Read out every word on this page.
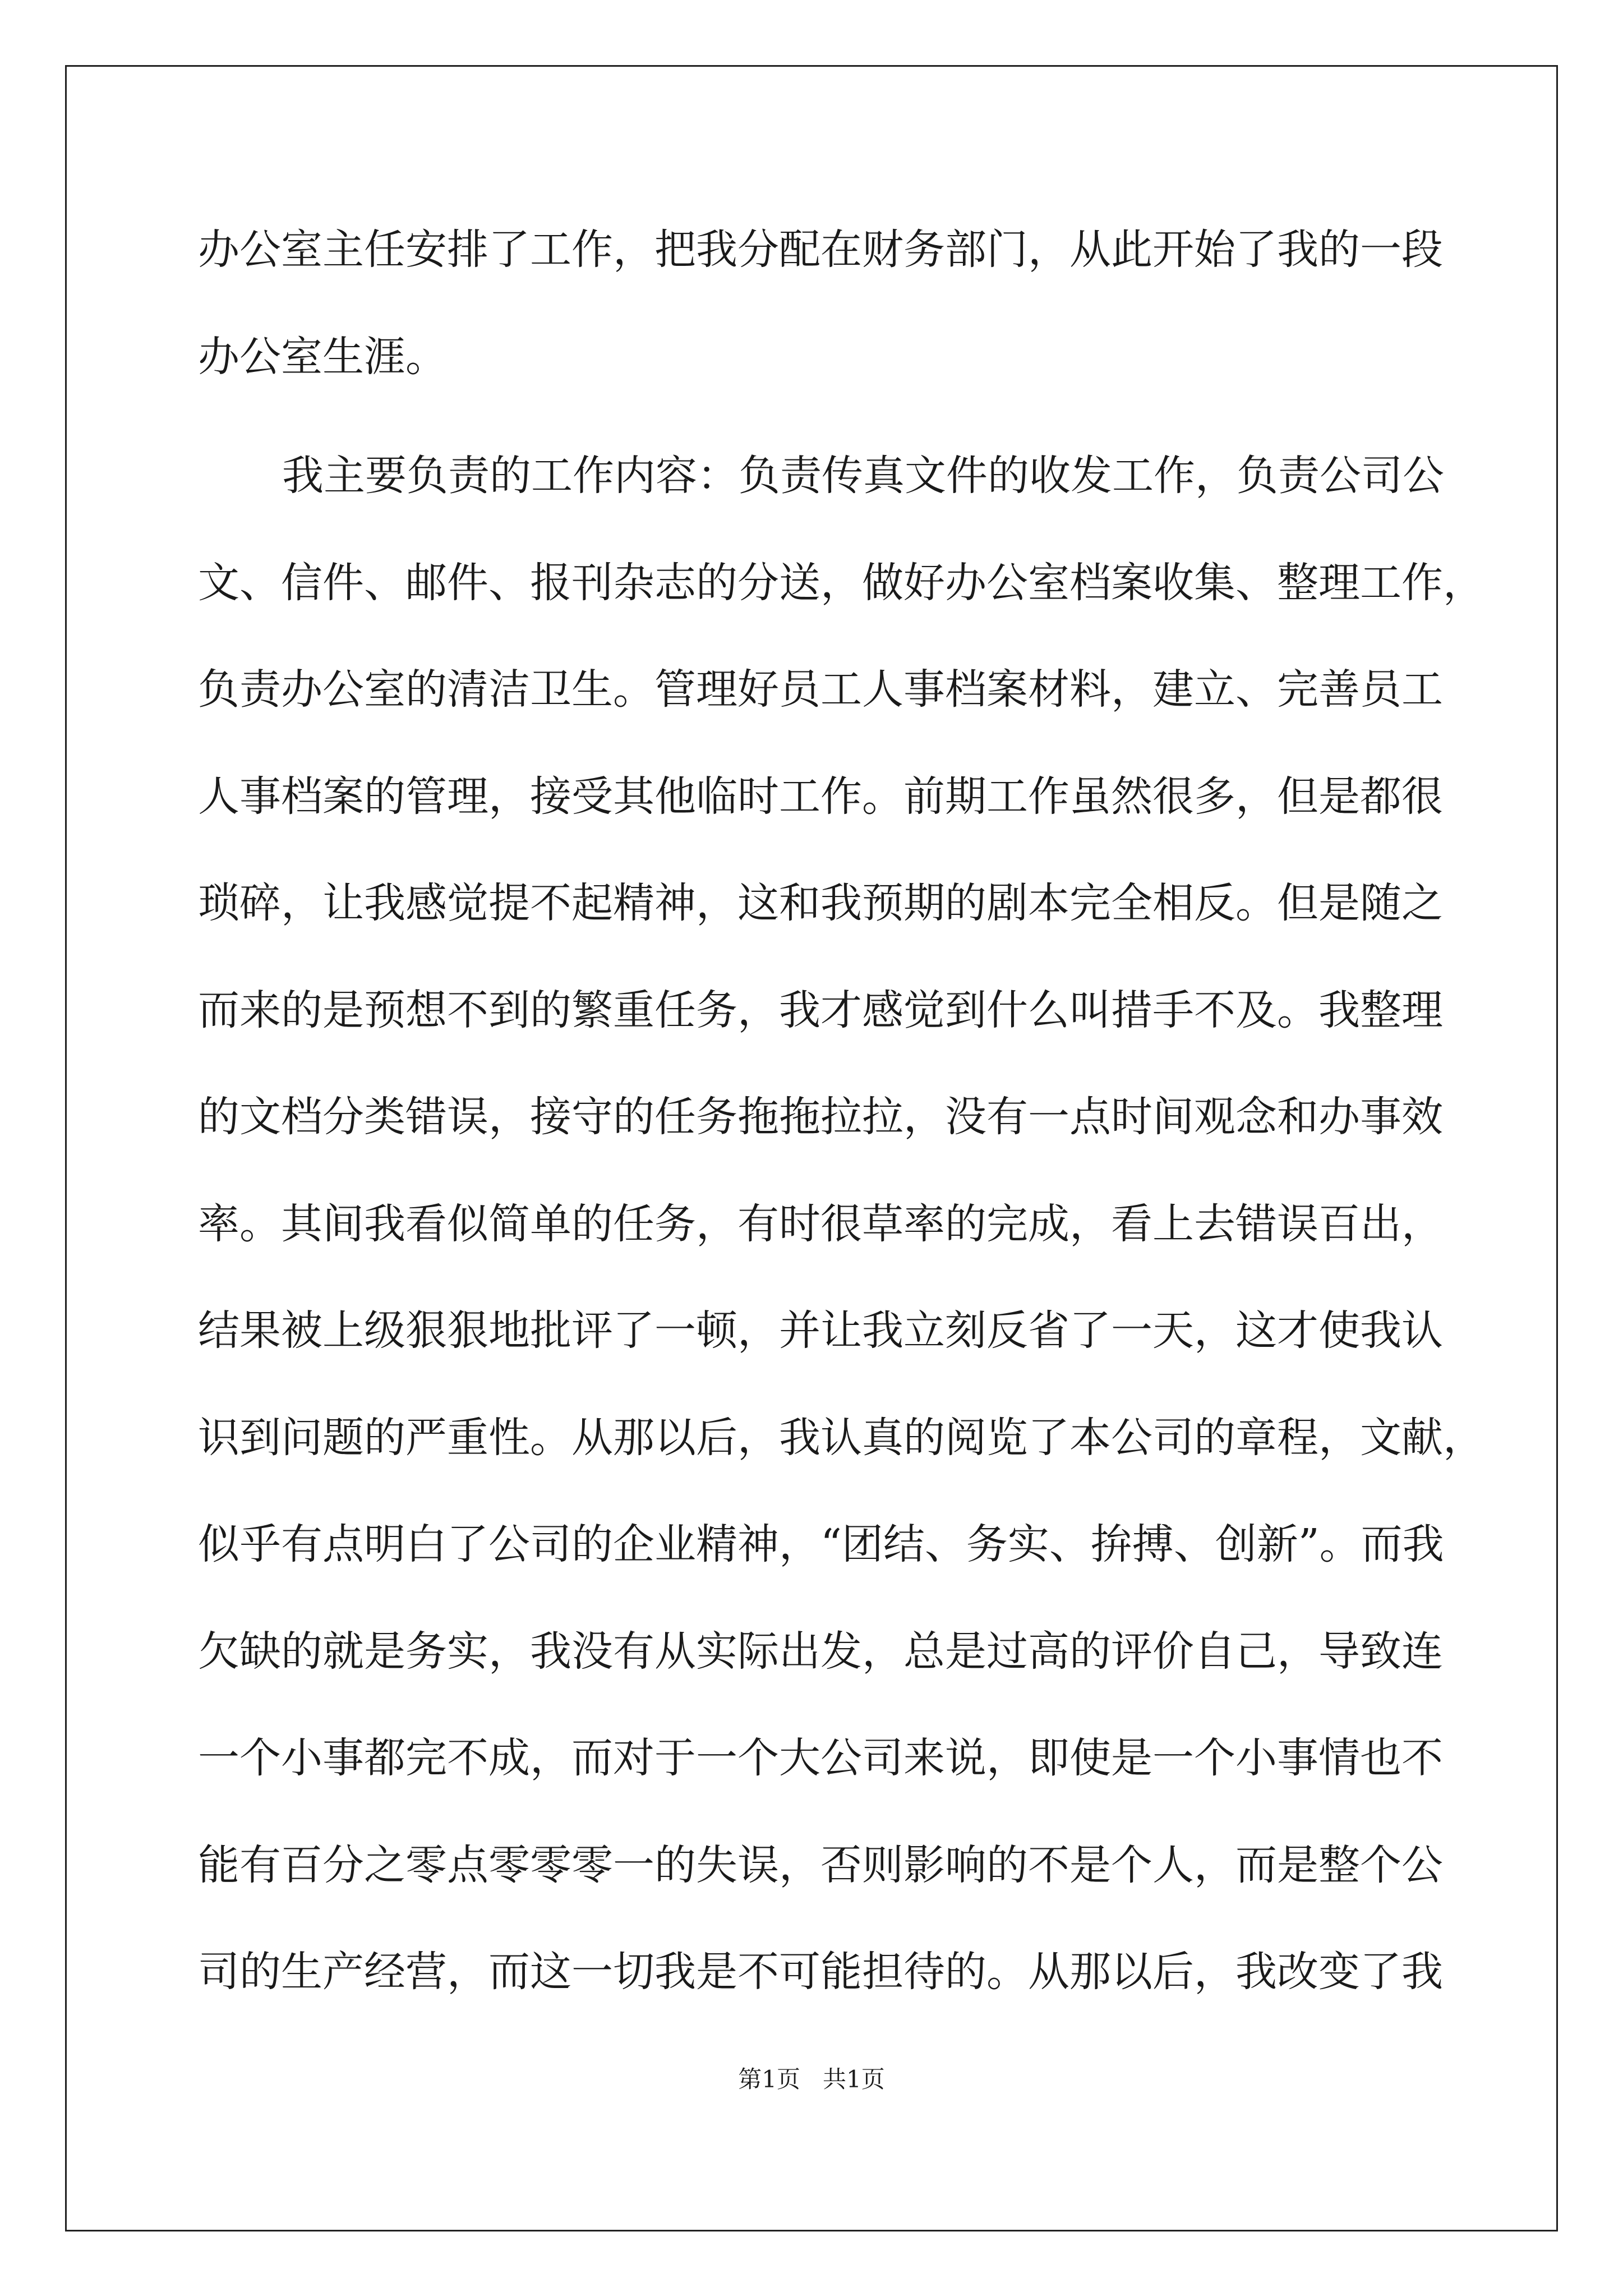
办公室主任安排了工作，把我分配在财务部门，从此开始了我的一段
办公室生涯。
我主要负责的工作内容：负责传真文件的收发工作，负责公司公
文、信件、邮件、报刊杂志的分送，做好办公室档案收集、整理工作，
负责办公室的清洁卫生。管理好员工人事档案材料，建立、完善员工
人事档案的管理，接受其他临时工作。前期工作虽然很多，但是都很
琐碎，让我感觉提不起精神，这和我预期的剧本完全相反。但是随之
而来的是预想不到的繁重任务，我才感觉到什么叫措手不及。我整理
的文档分类错误，接守的任务拖拖拉拉，没有一点时间观念和办事效
率。其间我看似简单的任务，有时很草率的完成，看上去错误百出，
结果被上级狠狠地批评了一顿，并让我立刻反省了一天，这才使我认
识到问题的严重性。从那以后，我认真的阅览了本公司的章程，文献，
似乎有点明白了公司的企业精神，“团结、务实、拚搏、创新”。而我
欠缺的就是务实，我没有从实际出发，总是过高的评价自己，导致连
一个小事都完不成，而对于一个大公司来说，即使是一个小事情也不
能有百分之零点零零零一的失误，否则影响的不是个人，而是整个公
司的生产经营，而这一切我是不可能担待的。从那以后，我改变了我
第1页 共1页
